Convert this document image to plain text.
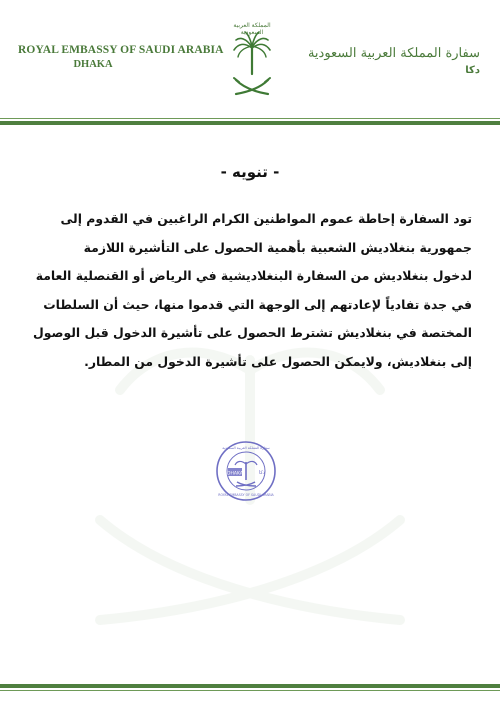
ROYAL EMBASSY OF SAUDI ARABIA
DHAKA
المملكة العربية السعودية
سفارة المملكة العربية السعودية
دكا
- تنويه -
تود السفارة إحاطة عموم المواطنين الكرام الراغبين في القدوم إلى
جمهورية بنغلاديش الشعبية بأهمية الحصول على التأشيرة اللازمة
لدخول بنغلاديش من السفارة البنغلاديشية في الرياض أو القنصلية العامة
في جدة تفادياً لإعادتهم إلى الوجهة التي قدموا منها، حيث أن السلطات
المختصة في بنغلاديش تشترط الحصول على تأشيرة الدخول قبل الوصول
إلى بنغلاديش، ولايمكن الحصول على تأشيرة الدخول من المطار.
DHAKA	دكا
سفارة المملكة العربية السعودية
ROYAL EMBASSY OF SAUDI ARABIA
